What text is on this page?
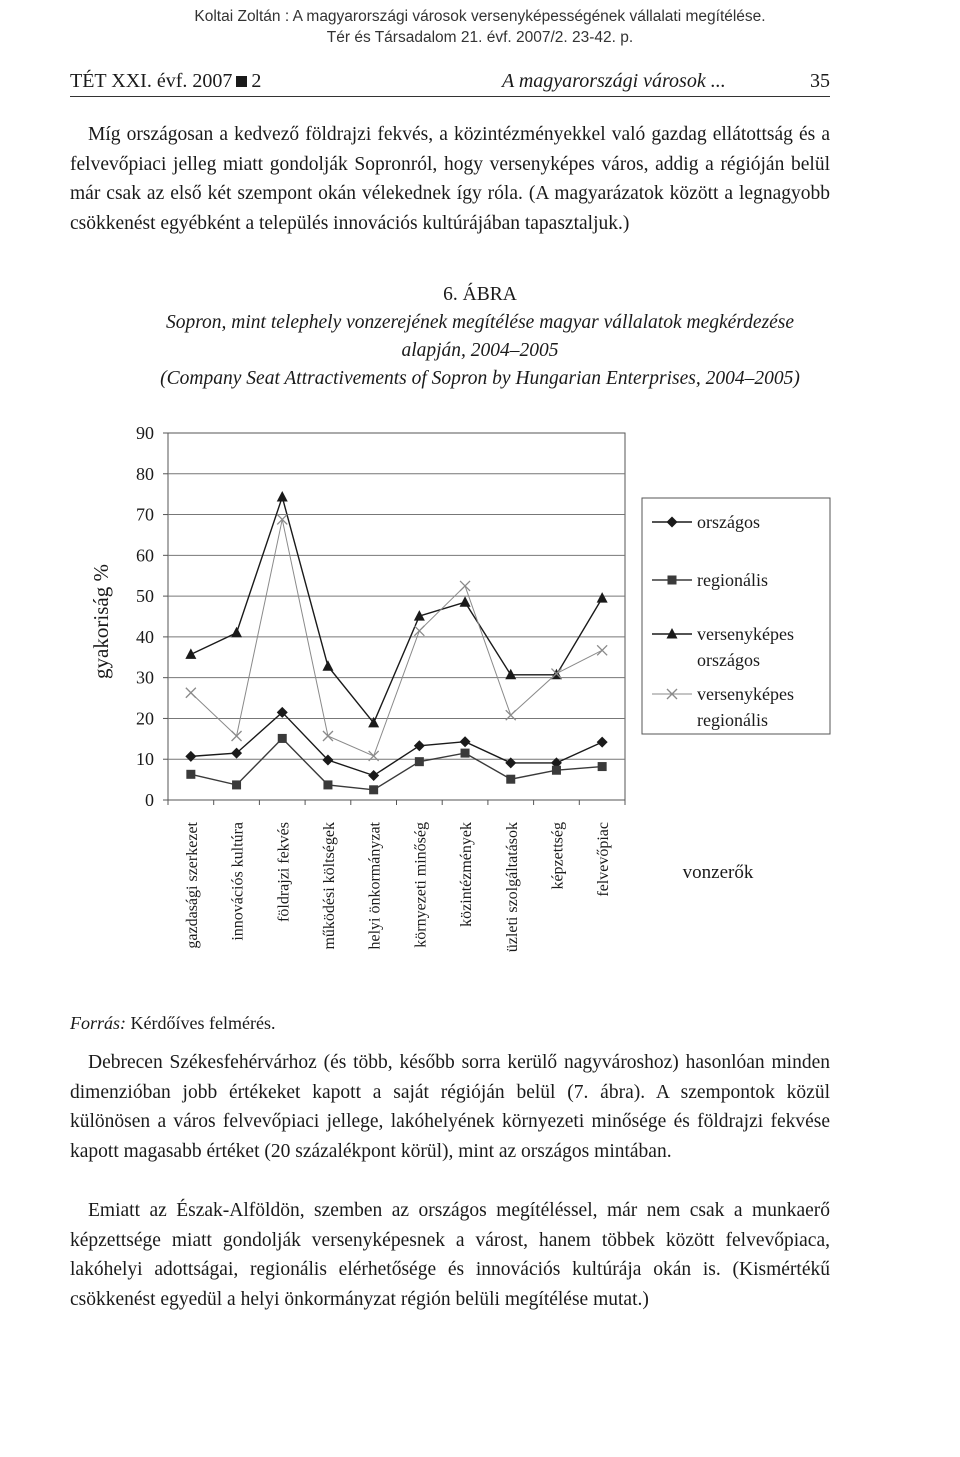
Koltai Zoltán : A magyarországi városok versenyképességének vállalati megítélése.
Tér és Társadalom 21. évf. 2007/2. 23-42. p.
TÉT XXI. évf. 2007 2	A magyarországi városok ...	35

Míg országosan a kedvező földrajzi fekvés, a közintézményekkel való gazdag ellátottság és a felvevőpiaci jelleg miatt gondolják Sopronról, hogy versenyképes város, addig a régióján belül már csak az első két szempont okán vélekednek így róla. (A magyarázatok között a legnagyobb csökkenést egyébként a település innovációs kultúrájában tapasztaljuk.)

6. ÁBRA
Sopron, mint telephely vonzerejének megítélése magyar vállalatok megkérdezése
alapján, 2004–2005
(Company Seat Attractivements of Sopron by Hungarian Enterprises, 2004–2005)
0
10
20
30
40
50
60
70
80
90
gazdasági szerkezet innovációs kultúra földrajzi fekvés működési költségek helyi önkormányzat környezeti minőség közintézmények üzleti szolgáltatások képzettség felvevőpiac
gyakoriság %
vonzerők
országos
regionális
versenyképes
országos
versenyképes
regionális
Forrás: Kérdőíves felmérés.

Debrecen Székesfehérvárhoz (és több, később sorra kerülő nagyvároshoz) hasonlóan minden dimenzióban jobb értékeket kapott a saját régióján belül (7. ábra). A szempontok közül különösen a város felvevőpiaci jellege, lakóhelyének környezeti minősége és földrajzi fekvése kapott magasabb értéket (20 százalékpont körül), mint az országos mintában.

Emiatt az Észak-Alföldön, szemben az országos megítéléssel, már nem csak a munkaerő képzettsége miatt gondolják versenyképesnek a várost, hanem többek között felvevőpiaca, lakóhelyi adottságai, regionális elérhetősége és innovációs kultúrája okán is. (Kismértékű csökkenést egyedül a helyi önkormányzat régión belüli megítélése mutat.)
